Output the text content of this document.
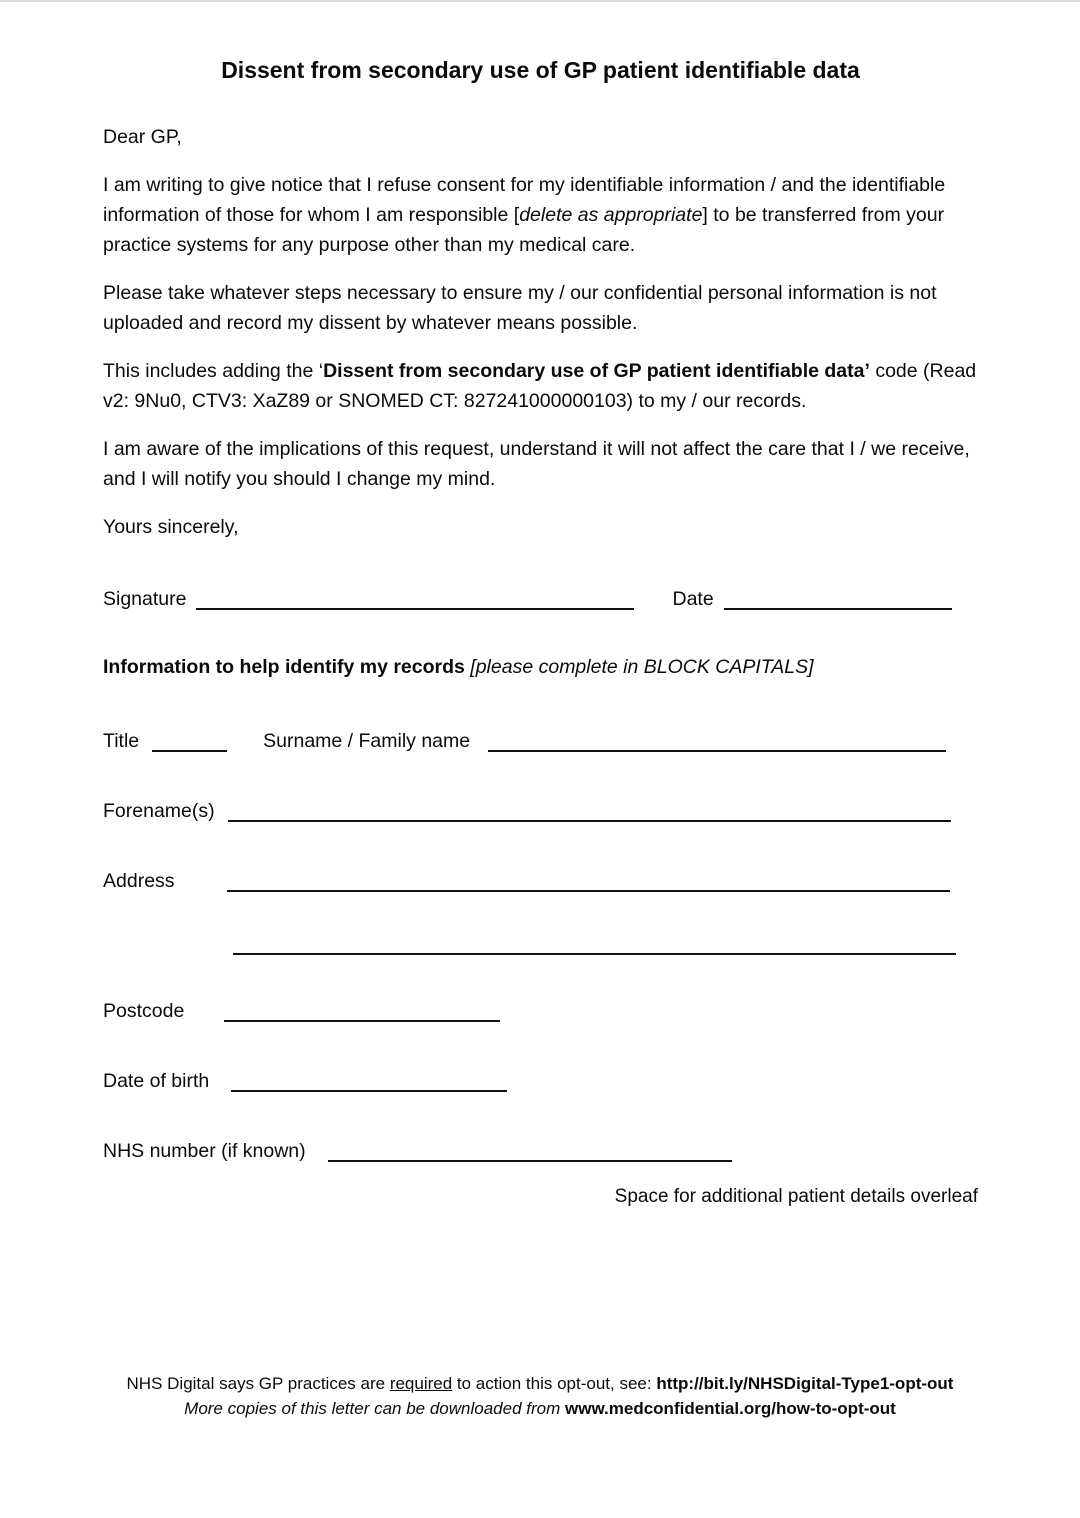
Dissent from secondary use of GP patient identifiable data

Dear GP,

I am writing to give notice that I refuse consent for my identifiable information / and the identifiable information of those for whom I am responsible [delete as appropriate] to be transferred from your practice systems for any purpose other than my medical care.

Please take whatever steps necessary to ensure my / our confidential personal information is not uploaded and record my dissent by whatever means possible.

This includes adding the ‘Dissent from secondary use of GP patient identifiable data’ code (Read v2: 9Nu0, CTV3: XaZ89 or SNOMED CT: 827241000000103) to my / our records.

I am aware of the implications of this request, understand it will not affect the care that I / we receive, and I will notify you should I change my mind.

Yours sincerely,

Signature	Date

Information to help identify my records [please complete in BLOCK CAPITALS]

Title	Surname / Family name
Forename(s)
Address
Postcode
Date of birth
NHS number (if known)
Space for additional patient details overleaf
NHS Digital says GP practices are required to action this opt-out, see: http://bit.ly/NHSDigital-Type1-opt-out
More copies of this letter can be downloaded from www.medconfidential.org/how-to-opt-out
